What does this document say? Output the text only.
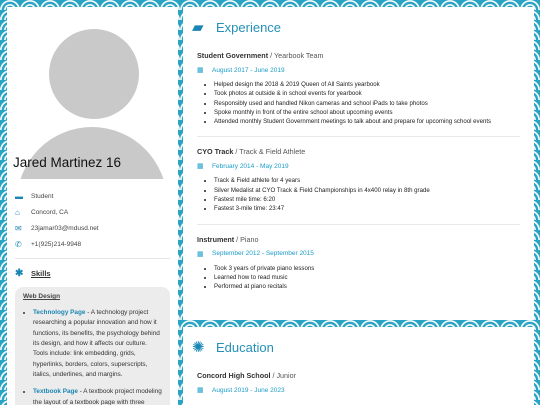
Jared Martinez 16
▬	Student
⌂	Concord, CA
✉	23jamar03@mdusd.net
✆	+1(925)214-9948
✱	Skills
Web Design
• Technology Page - A technology project researching a popular innovation and how it functions, its benefits, the psychology behind its design, and how it affects our culture. Tools include: link embedding, grids, hyperlinks, borders, colors, superscripts, italics, underlines, and margins.
• Textbook Page - A textbook project modeling the layout of a textbook page with three
▰ Experience
Student Government / Yearbook Team
▦	August 2017 - June 2019
• Helped design the 2018 & 2019 Queen of All Saints yearbook
• Took photos at outside & in school events for yearbook
• Responsibly used and handled Nikon cameras and school iPads to take photos
• Spoke monthly in front of the entire school about upcoming events
• Attended monthly Student Government meetings to talk about and prepare for upcoming school events
CYO Track / Track & Field Athlete
▦	February 2014 - May 2019
• Track & Field athlete for 4 years
• Silver Medalist at CYO Track & Field Championships in 4x400 relay in 8th grade
• Fastest mile time: 6:20
• Fastest 3-mile time: 23:47
Instrument / Piano
▦	September 2012 - September 2015
• Took 3 years of private piano lessons
• Learned how to read music
• Performed at piano recitals
✺ Education
Concord High School / Junior
▦	August 2019 - June 2023
